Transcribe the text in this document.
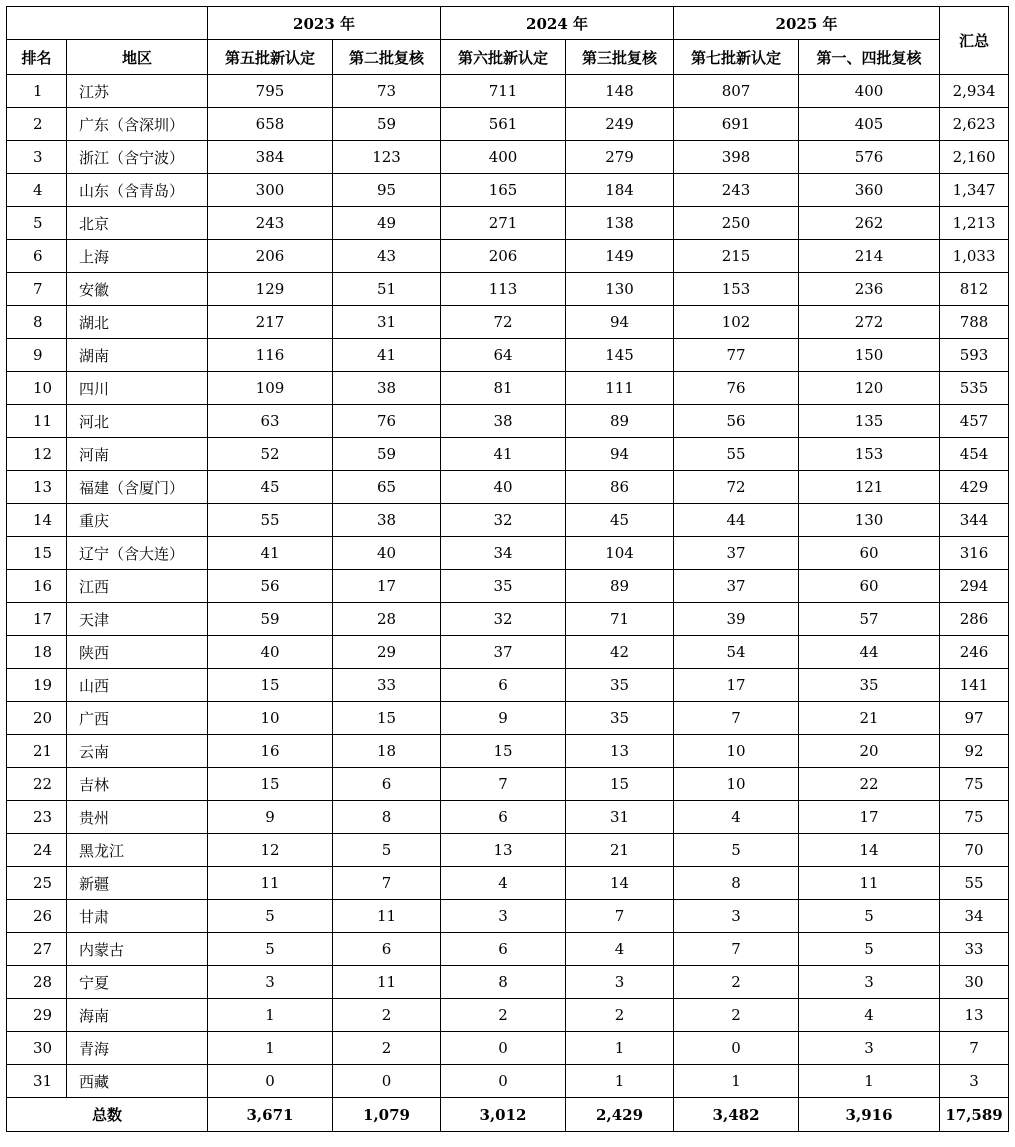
		2023 年		2024 年		2025 年		汇总
排名	地区	第五批新认定	第二批复核	第六批新认定	第三批复核	第七批新认定	第一、四批复核	
1	江苏	795	73	711	148	807	400	2,934
2	广东（含深圳）	658	59	561	249	691	405	2,623
3	浙江（含宁波）	384	123	400	279	398	576	2,160
4	山东（含青岛）	300	95	165	184	243	360	1,347
5	北京	243	49	271	138	250	262	1,213
6	上海	206	43	206	149	215	214	1,033
7	安徽	129	51	113	130	153	236	812
8	湖北	217	31	72	94	102	272	788
9	湖南	116	41	64	145	77	150	593
10	四川	109	38	81	111	76	120	535
11	河北	63	76	38	89	56	135	457
12	河南	52	59	41	94	55	153	454
13	福建（含厦门）	45	65	40	86	72	121	429
14	重庆	55	38	32	45	44	130	344
15	辽宁（含大连）	41	40	34	104	37	60	316
16	江西	56	17	35	89	37	60	294
17	天津	59	28	32	71	39	57	286
18	陕西	40	29	37	42	54	44	246
19	山西	15	33	6	35	17	35	141
20	广西	10	15	9	35	7	21	97
21	云南	16	18	15	13	10	20	92
22	吉林	15	6	7	15	10	22	75
23	贵州	9	8	6	31	4	17	75
24	黑龙江	12	5	13	21	5	14	70
25	新疆	11	7	4	14	8	11	55
26	甘肃	5	11	3	7	3	5	34
27	内蒙古	5	6	6	4	7	5	33
28	宁夏	3	11	8	3	2	3	30
29	海南	1	2	2	2	2	4	13
30	青海	1	2	0	1	0	3	7
31	西藏	0	0	0	1	1	1	3
总数		3,671	1,079	3,012	2,429	3,482	3,916	17,589
